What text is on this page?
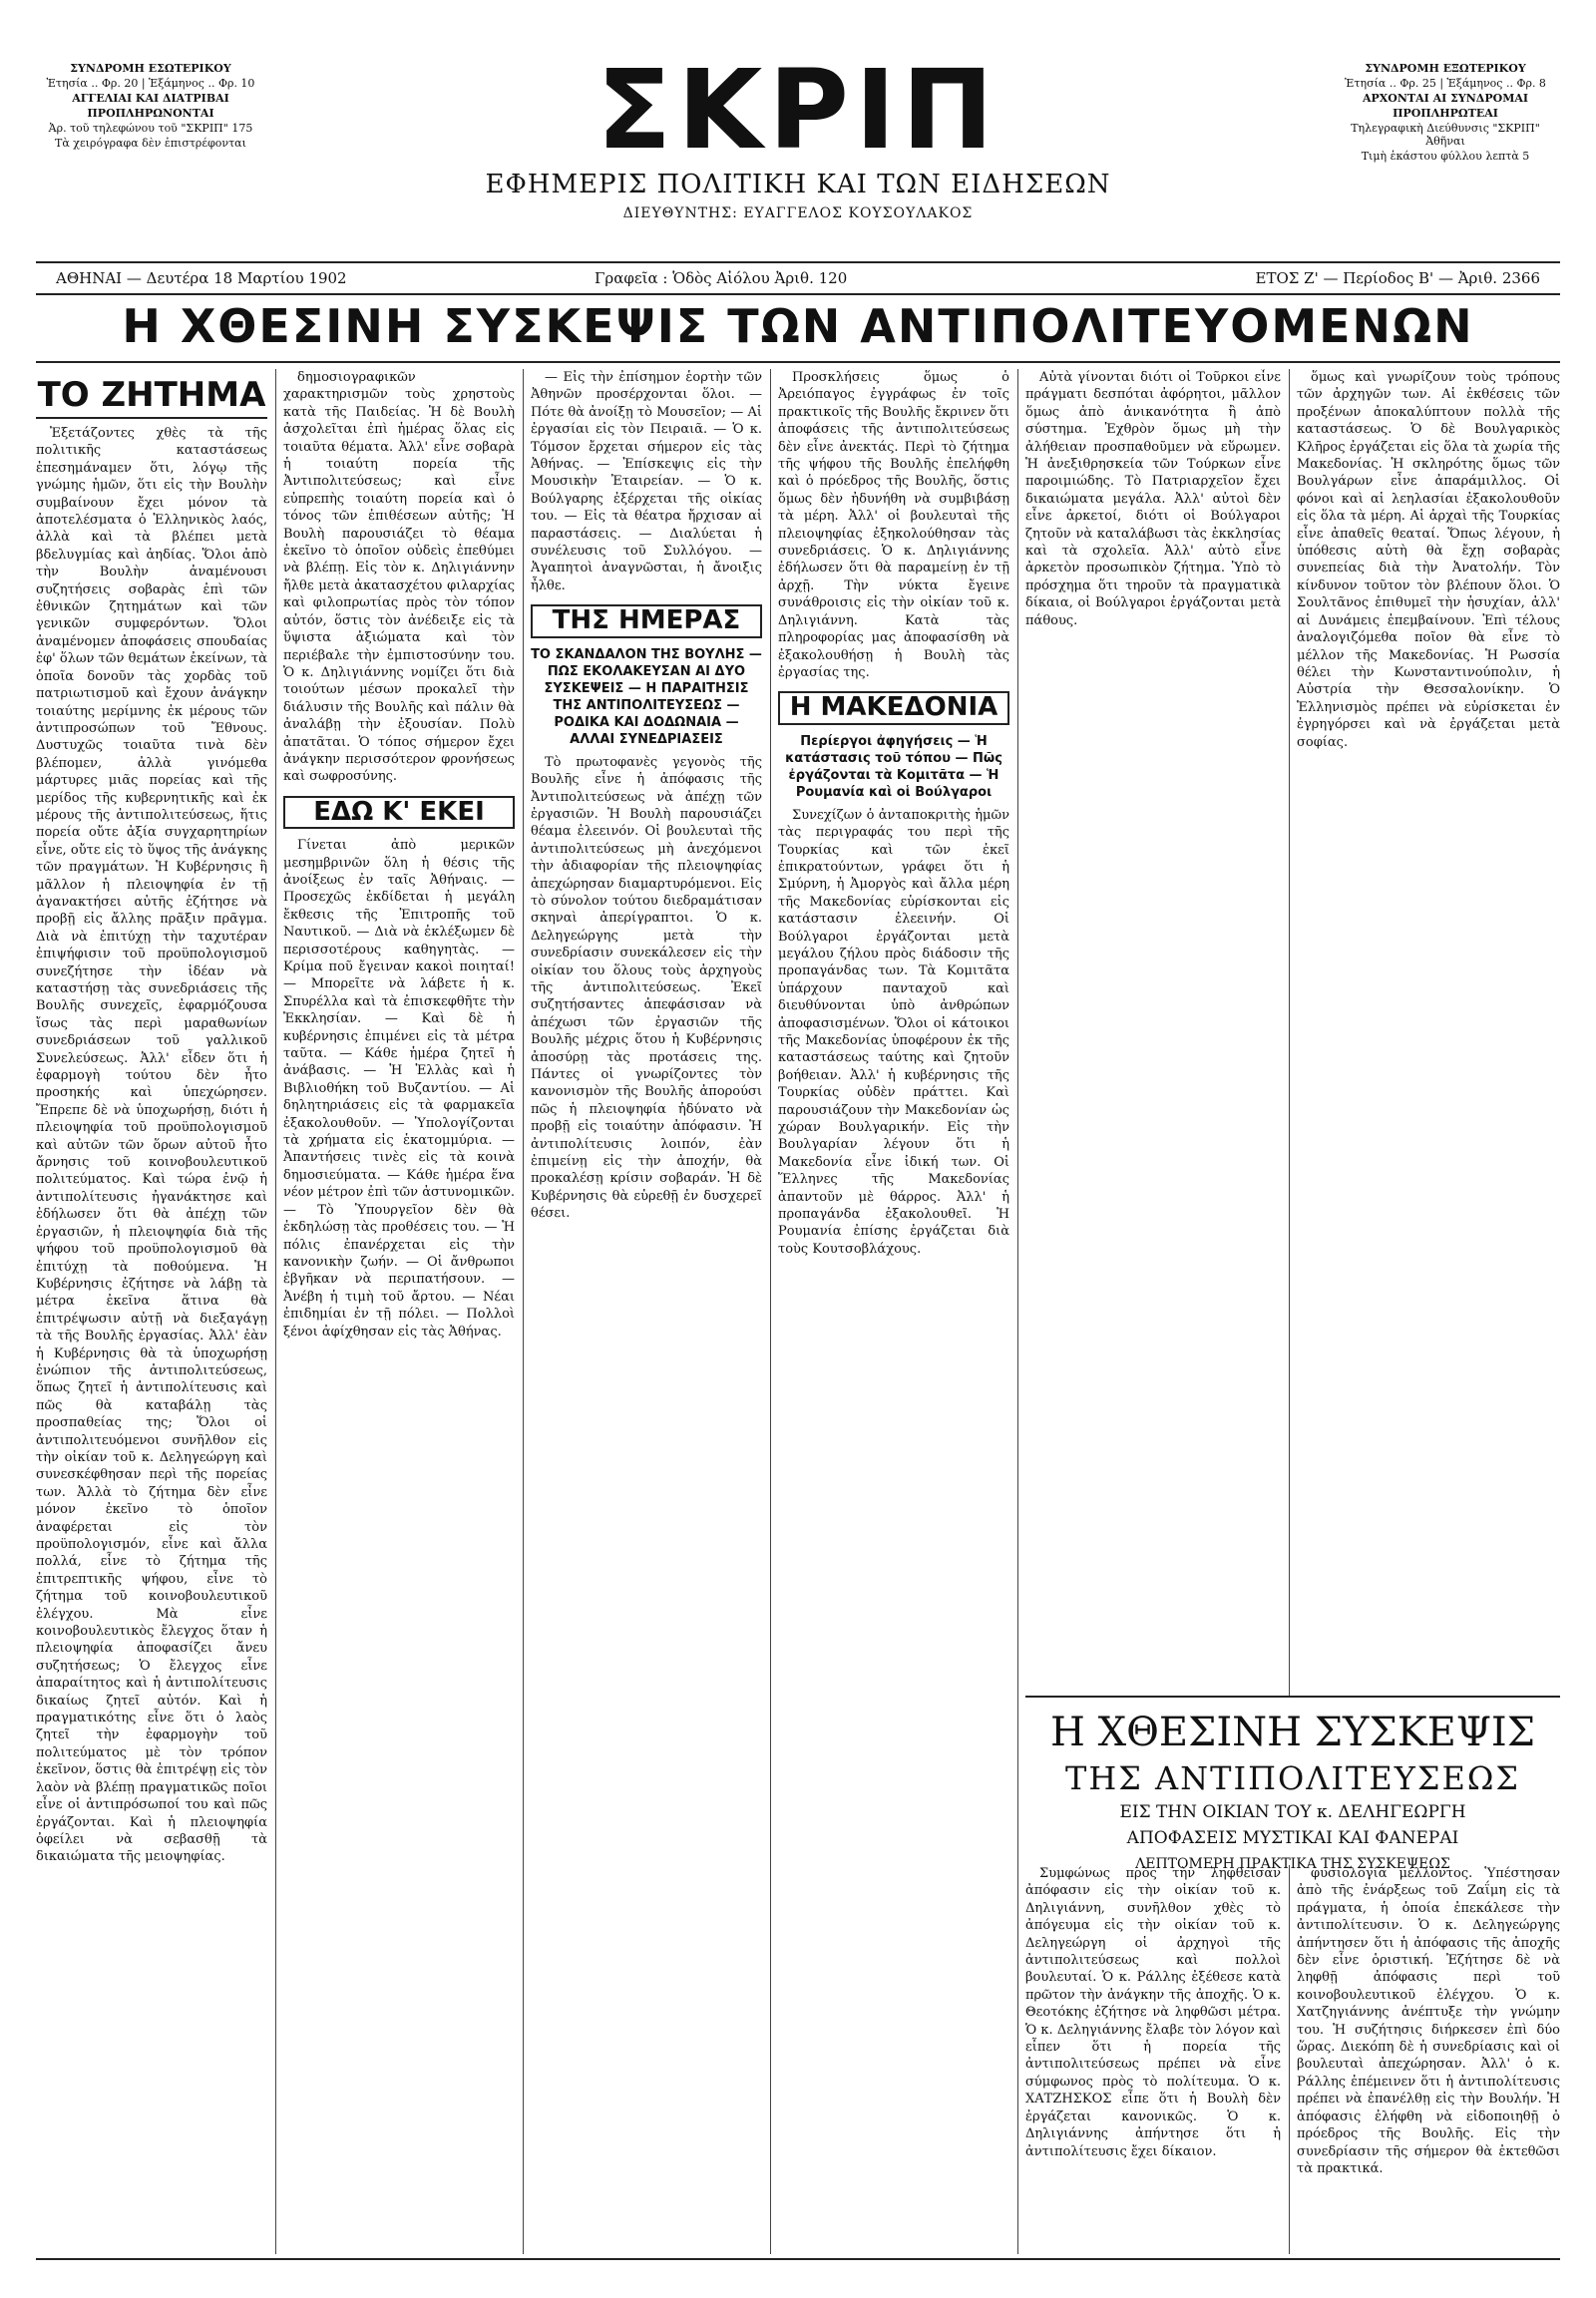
ΣΥΝΔΡΟΜΗ ΕΣΩΤΕΡΙΚΟΥ
Ἐτησία .. Φρ. 20 | Ἑξάμηνος .. Φρ. 10
ΑΓΓΕΛΙΑΙ ΚΑΙ ΔΙΑΤΡΙΒΑΙ
ΠΡΟΠΛΗΡΩΝΟΝΤΑΙ
Ἀρ. τοῦ τηλεφώνου τοῦ "ΣΚΡΙΠ" 175
Τὰ χειρόγραφα δὲν ἐπιστρέφονται	ΣΚΡΙΠ
ΕΦΗΜΕΡΙΣ ΠΟΛΙΤΙΚΗ ΚΑΙ ΤΩΝ ΕΙΔΗΣΕΩΝ
ΔΙΕΥΘΥΝΤΗΣ: ΕΥΑΓΓΕΛΟΣ ΚΟΥΣΟΥΛΑΚΟΣ
ΣΥΝΔΡΟΜΗ ΕΞΩΤΕΡΙΚΟΥ
Ἐτησία .. Φρ. 25 | Ἑξάμηνος .. Φρ. 8
ΑΡΧΟΝΤΑΙ ΑΙ ΣΥΝΔΡΟΜΑΙ
ΠΡΟΠΛΗΡΩΤΕΑΙ
Τηλεγραφικὴ Διεύθυνσις "ΣΚΡΙΠ" Ἀθῆναι
Τιμὴ ἑκάστου φύλλου λεπτὰ 5
ΑΘΗΝΑΙ — Δευτέρα 18 Μαρτίου 1902	Γραφεῖα : Ὁδὸς Αἰόλου Ἀριθ. 120	ΕΤΟΣ Ζ' — Περίοδος Β' — Ἀριθ. 2366
Η ΧΘΕΣΙΝΗ ΣΥΣΚΕΨΙΣ ΤΩΝ ΑΝΤΙΠΟΛΙΤΕΥΟΜΕΝΩΝ
ΤΟ ΖΗΤΗΜΑ

Ἐξετάζοντες χθὲς τὰ τῆς πολιτικῆς καταστάσεως ἐπεσημάναμεν ὅτι, λόγῳ τῆς γνώμης ἡμῶν, ὅτι εἰς τὴν Βουλὴν συμβαίνουν ἔχει μόνον τὰ ἀποτελέσματα ὁ Ἑλληνικὸς λαός, ἀλλὰ καὶ τὰ βλέπει μετὰ βδελυγμίας καὶ ἀηδίας. Ὅλοι ἀπὸ τὴν Βουλὴν ἀναμένουσι συζητήσεις σοβαρὰς ἐπὶ τῶν ἐθνικῶν ζητημάτων καὶ τῶν γενικῶν συμφερόντων. Ὅλοι ἀναμένομεν ἀποφάσεις σπουδαίας ἐφ' ὅλων τῶν θεμάτων ἐκείνων, τὰ ὁποῖα δονοῦν τὰς χορδὰς τοῦ πατριωτισμοῦ καὶ ἔχουν ἀνάγκην τοιαύτης μερίμνης ἐκ μέρους τῶν ἀντιπροσώπων τοῦ Ἔθνους. Δυστυχῶς τοιαῦτα τινὰ δὲν βλέπομεν, ἀλλὰ γινόμεθα μάρτυρες μιᾶς πορείας καὶ τῆς μερίδος τῆς κυβερνητικῆς καὶ ἐκ μέρους τῆς ἀντιπολιτεύσεως, ἥτις πορεία οὔτε ἀξία συγχαρητηρίων εἶνε, οὔτε εἰς τὸ ὕψος τῆς ἀνάγκης τῶν πραγμάτων. Ἡ Κυβέρνησις ἢ μᾶλλον ἡ πλειοψηφία ἐν τῇ ἀγανακτήσει αὐτῆς ἐζήτησε νὰ προβῇ εἰς ἄλλης πρᾶξιν πρᾶγμα. Διὰ νὰ ἐπιτύχῃ τὴν ταχυτέραν ἐπιψήφισιν τοῦ προϋπολογισμοῦ συνεζήτησε τὴν ἰδέαν νὰ καταστήσῃ τὰς συνεδριάσεις τῆς Βουλῆς συνεχεῖς, ἐφαρμόζουσα ἴσως τὰς περὶ μαραθωνίων συνεδριάσεων τοῦ γαλλικοῦ Συνελεύσεως. Ἀλλ' εἶδεν ὅτι ἡ ἐφαρμογὴ τούτου δὲν ἦτο προσηκής καὶ ὑπεχώρησεν. Ἔπρεπε δὲ νὰ ὑποχωρήσῃ, διότι ἡ πλειοψηφία τοῦ προϋπολογισμοῦ καὶ αὐτῶν τῶν ὅρων αὐτοῦ ἦτο ἄρνησις τοῦ κοινοβουλευτικοῦ πολιτεύματος. Καὶ τώρα ἐνῷ ἡ ἀντιπολίτευσις ἠγανάκτησε καὶ ἐδήλωσεν ὅτι θὰ ἀπέχῃ τῶν ἐργασιῶν, ἡ πλειοψηφία διὰ τῆς ψήφου τοῦ προϋπολογισμοῦ θὰ ἐπιτύχῃ τὰ ποθούμενα. Ἡ Κυβέρνησις ἐζήτησε νὰ λάβῃ τὰ μέτρα ἐκεῖνα ἅτινα θὰ ἐπιτρέψωσιν αὐτῇ νὰ διεξαγάγῃ τὰ τῆς Βουλῆς ἐργασίας. Ἀλλ' ἐὰν ἡ Κυβέρνησις θὰ τὰ ὑποχωρήσῃ ἐνώπιον τῆς ἀντιπολιτεύσεως, ὅπως ζητεῖ ἡ ἀντιπολίτευσις καὶ πῶς θὰ καταβάλῃ τὰς προσπαθείας της; Ὅλοι οἱ ἀντιπολιτευόμενοι συνῆλθον εἰς τὴν οἰκίαν τοῦ κ. Δεληγεώργη καὶ συνεσκέφθησαν περὶ τῆς πορείας των. Ἀλλὰ τὸ ζήτημα δὲν εἶνε μόνον ἐκεῖνο τὸ ὁποῖον ἀναφέρεται εἰς τὸν προϋπολογισμόν, εἶνε καὶ ἄλλα πολλά, εἶνε τὸ ζήτημα τῆς ἐπιτρεπτικῆς ψήφου, εἶνε τὸ ζήτημα τοῦ κοινοβουλευτικοῦ ἐλέγχου. Μὰ εἶνε κοινοβουλευτικὸς ἔλεγχος ὅταν ἡ πλειοψηφία ἀποφασίζει ἄνευ συζητήσεως; Ὁ ἔλεγχος εἶνε ἀπαραίτητος καὶ ἡ ἀντιπολίτευσις δικαίως ζητεῖ αὐτόν. Καὶ ἡ πραγματικότης εἶνε ὅτι ὁ λαὸς ζητεῖ τὴν ἐφαρμογὴν τοῦ πολιτεύματος μὲ τὸν τρόπον ἐκεῖνον, ὅστις θὰ ἐπιτρέψῃ εἰς τὸν λαὸν νὰ βλέπῃ πραγματικῶς ποῖοι εἶνε οἱ ἀντιπρόσωποί του καὶ πῶς ἐργάζονται. Καὶ ἡ πλειοψηφία ὀφείλει νὰ σεβασθῇ τὰ δικαιώματα τῆς μειοψηφίας.

δημοσιογραφικῶν χαρακτηρισμῶν τοὺς χρηστοὺς κατὰ τῆς Παιδείας. Ἡ δὲ Βουλὴ ἀσχολεῖται ἐπὶ ἡμέρας ὅλας εἰς τοιαῦτα θέματα. Ἀλλ' εἶνε σοβαρὰ ἡ τοιαύτη πορεία τῆς Ἀντιπολιτεύσεως; καὶ εἶνε εὐπρεπὴς τοιαύτη πορεία καὶ ὁ τόνος τῶν ἐπιθέσεων αὐτῆς; Ἡ Βουλὴ παρουσιάζει τὸ θέαμα ἐκεῖνο τὸ ὁποῖον οὐδεὶς ἐπεθύμει νὰ βλέπῃ. Εἰς τὸν κ. Δηλιγιάννην ἤλθε μετὰ ἀκατασχέτου φιλαρχίας καὶ φιλοπρωτίας πρὸς τὸν τόπον αὐτόν, ὅστις τὸν ἀνέδειξε εἰς τὰ ὕψιστα ἀξιώματα καὶ τὸν περιέβαλε τὴν ἐμπιστοσύνην του. Ὁ κ. Δηλιγιάννης νομίζει ὅτι διὰ τοιούτων μέσων προκαλεῖ τὴν διάλυσιν τῆς Βουλῆς καὶ πάλιν θὰ ἀναλάβῃ τὴν ἐξουσίαν. Πολὺ ἀπατᾶται. Ὁ τόπος σήμερον ἔχει ἀνάγκην περισσότερον φρονήσεως καὶ σωφροσύνης.

ΕΔΩ Κ' ΕΚΕΙ

Γίνεται ἀπὸ μερικῶν μεσημβρινῶν ὅλη ἡ θέσις τῆς ἀνοίξεως ἐν ταῖς Ἀθήναις. — Προσεχῶς ἐκδίδεται ἡ μεγάλη ἔκθεσις τῆς Ἐπιτροπῆς τοῦ Ναυτικοῦ. — Διὰ νὰ ἐκλέξωμεν δὲ περισσοτέρους καθηγητὰς. — Κρίμα ποῦ ἔγειναν κακοὶ ποιηταί! — Μπορεῖτε νὰ λάβετε ἡ κ. Σπυρέλλα καὶ τὰ ἐπισκεφθῆτε τὴν Ἐκκλησίαν. — Καὶ δὲ ἡ κυβέρνησις ἐπιμένει εἰς τὰ μέτρα ταῦτα. — Κάθε ἡμέρα ζητεῖ ἡ ἀνάβασις. — Ἡ Ἑλλὰς καὶ ἡ Βιβλιοθήκη τοῦ Βυζαντίου. — Αἱ δηλητηριάσεις εἰς τὰ φαρμακεῖα ἐξακολουθοῦν. — Ὑπολογίζονται τὰ χρήματα εἰς ἑκατομμύρια. — Ἀπαντήσεις τινὲς εἰς τὰ κοινὰ δημοσιεύματα. — Κάθε ἡμέρα ἕνα νέον μέτρον ἐπὶ τῶν ἀστυνομικῶν. — Τὸ Ὑπουργεῖον δὲν θὰ ἐκδηλώσῃ τὰς προθέσεις του. — Ἡ πόλις ἐπανέρχεται εἰς τὴν κανονικὴν ζωήν. — Οἱ ἄνθρωποι ἐβγῆκαν νὰ περιπατήσουν. — Ἀνέβη ἡ τιμὴ τοῦ ἄρτου. — Νέαι ἐπιδημίαι ἐν τῇ πόλει. — Πολλοὶ ξένοι ἀφίχθησαν εἰς τὰς Ἀθήνας.

— Εἰς τὴν ἐπίσημον ἑορτὴν τῶν Ἀθηνῶν προσέρχονται ὅλοι. — Πότε θὰ ἀνοίξῃ τὸ Μουσεῖον; — Αἱ ἐργασίαι εἰς τὸν Πειραιᾶ. — Ὁ κ. Τόμσον ἔρχεται σήμερον εἰς τὰς Ἀθήνας. — Ἐπίσκεψις εἰς τὴν Μουσικὴν Ἑταιρείαν. — Ὁ κ. Βούλγαρης ἐξέρχεται τῆς οἰκίας του. — Εἰς τὰ θέατρα ἤρχισαν αἱ παραστάσεις. — Διαλύεται ἡ συνέλευσις τοῦ Συλλόγου. — Ἀγαπητοὶ ἀναγνῶσται, ἡ ἄνοιξις ἦλθε.

ΤΗΣ ΗΜΕΡΑΣ
ΤΟ ΣΚΑΝΔΑΛΟΝ ΤΗΣ ΒΟΥΛΗΣ — ΠΩΣ ΕΚΟΛΑΚΕΥΣΑΝ ΑΙ ΔΥΟ ΣΥΣΚΕΨΕΙΣ — Η ΠΑΡΑΙΤΗΣΙΣ ΤΗΣ ΑΝΤΙΠΟΛΙΤΕΥΣΕΩΣ — ΡΟΔΙΚΑ ΚΑΙ ΔΟΔΩΝΑΙΑ — ΑΛΛΑΙ ΣΥΝΕΔΡΙΑΣΕΙΣ

Τὸ πρωτοφανὲς γεγονὸς τῆς Βουλῆς εἶνε ἡ ἀπόφασις τῆς Ἀντιπολιτεύσεως νὰ ἀπέχῃ τῶν ἐργασιῶν. Ἡ Βουλὴ παρουσιάζει θέαμα ἐλεεινόν. Οἱ βουλευταὶ τῆς ἀντιπολιτεύσεως μὴ ἀνεχόμενοι τὴν ἀδιαφορίαν τῆς πλειοψηφίας ἀπεχώρησαν διαμαρτυρόμενοι. Εἰς τὸ σύνολον τούτου διεδραμάτισαν σκηναὶ ἀπερίγραπτοι. Ὁ κ. Δεληγεώργης μετὰ τὴν συνεδρίασιν συνεκάλεσεν εἰς τὴν οἰκίαν του ὅλους τοὺς ἀρχηγοὺς τῆς ἀντιπολιτεύσεως. Ἐκεῖ συζητήσαντες ἀπεφάσισαν νὰ ἀπέχωσι τῶν ἐργασιῶν τῆς Βουλῆς μέχρις ὅτου ἡ Κυβέρνησις ἀποσύρῃ τὰς προτάσεις της. Πάντες οἱ γνωρίζοντες τὸν κανονισμὸν τῆς Βουλῆς ἀπορούσι πῶς ἡ πλειοψηφία ἠδύνατο νὰ προβῇ εἰς τοιαύτην ἀπόφασιν. Ἡ ἀντιπολίτευσις λοιπόν, ἐὰν ἐπιμείνῃ εἰς τὴν ἀποχήν, θὰ προκαλέσῃ κρίσιν σοβαράν. Ἡ δὲ Κυβέρνησις θὰ εὑρεθῇ ἐν δυσχερεῖ θέσει.

Προσκλήσεις ὅμως ὁ Ἀρειόπαγος ἐγγράφως ἐν τοῖς πρακτικοῖς τῆς Βουλῆς ἔκρινεν ὅτι ἀποφάσεις τῆς ἀντιπολιτεύσεως δὲν εἶνε ἀνεκτάς. Περὶ τὸ ζήτημα τῆς ψήφου τῆς Βουλῆς ἐπελήφθη καὶ ὁ πρόεδρος τῆς Βουλῆς, ὅστις ὅμως δὲν ἠδυνήθη νὰ συμβιβάσῃ τὰ μέρη. Ἀλλ' οἱ βουλευταὶ τῆς πλειοψηφίας ἐξηκολούθησαν τὰς συνεδριάσεις. Ὁ κ. Δηλιγιάννης ἐδήλωσεν ὅτι θὰ παραμείνῃ ἐν τῇ ἀρχῇ. Τὴν νύκτα ἔγεινε συνάθροισις εἰς τὴν οἰκίαν τοῦ κ. Δηλιγιάννη. Κατὰ τὰς πληροφορίας μας ἀποφασίσθη νὰ ἐξακολουθήσῃ ἡ Βουλὴ τὰς ἐργασίας της.

Η ΜΑΚΕΔΟΝΙΑ
Περίεργοι ἀφηγήσεις — Ἡ κατάστασις τοῦ τόπου — Πῶς ἐργάζονται τὰ Κομιτᾶτα — Ἡ Ρουμανία καὶ οἱ Βούλγαροι

Συνεχίζων ὁ ἀνταποκριτὴς ἡμῶν τὰς περιγραφάς του περὶ τῆς Τουρκίας καὶ τῶν ἐκεῖ ἐπικρατούντων, γράφει ὅτι ἡ Σμύρνη, ἡ Ἀμοργὸς καὶ ἄλλα μέρη τῆς Μακεδονίας εὑρίσκονται εἰς κατάστασιν ἐλεεινήν. Οἱ Βούλγαροι ἐργάζονται μετὰ μεγάλου ζήλου πρὸς διάδοσιν τῆς προπαγάνδας των. Τὰ Κομιτᾶτα ὑπάρχουν πανταχοῦ καὶ διευθύνονται ὑπὸ ἀνθρώπων ἀποφασισμένων. Ὅλοι οἱ κάτοικοι τῆς Μακεδονίας ὑποφέρουν ἐκ τῆς καταστάσεως ταύτης καὶ ζητοῦν βοήθειαν. Ἀλλ' ἡ κυβέρνησις τῆς Τουρκίας οὐδὲν πράττει. Καὶ παρουσιάζουν τὴν Μακεδονίαν ὡς χώραν Βουλγαρικήν. Εἰς τὴν Βουλγαρίαν λέγουν ὅτι ἡ Μακεδονία εἶνε ἰδική των. Οἱ Ἕλληνες τῆς Μακεδονίας ἀπαντοῦν μὲ θάρρος. Ἀλλ' ἡ προπαγάνδα ἐξακολουθεῖ. Ἡ Ρουμανία ἐπίσης ἐργάζεται διὰ τοὺς Κουτσοβλάχους.

Αὐτὰ γίνονται διότι οἱ Τοῦρκοι εἶνε πράγματι δεσπόται ἀφόρητοι, μᾶλλον ὅμως ἀπὸ ἀνικανότητα ἢ ἀπὸ σύστημα. Ἐχθρὸν ὅμως μὴ τὴν ἀλήθειαν προσπαθοῦμεν νὰ εὕρωμεν. Ἡ ἀνεξιθρησκεία τῶν Τούρκων εἶνε παροιμιώδης. Τὸ Πατριαρχεῖον ἔχει δικαιώματα μεγάλα. Ἀλλ' αὐτοὶ δὲν εἶνε ἀρκετοί, διότι οἱ Βούλγαροι ζητοῦν νὰ καταλάβωσι τὰς ἐκκλησίας καὶ τὰ σχολεῖα. Ἀλλ' αὐτὸ εἶνε ἀρκετὸν προσωπικὸν ζήτημα. Ὑπὸ τὸ πρόσχημα ὅτι τηροῦν τὰ πραγματικὰ δίκαια, οἱ Βούλγαροι ἐργάζονται μετὰ πάθους.

ὅμως καὶ γνωρίζουν τοὺς τρόπους τῶν ἀρχηγῶν των. Αἱ ἐκθέσεις τῶν προξένων ἀποκαλύπτουν πολλὰ τῆς καταστάσεως. Ὁ δὲ Βουλγαρικὸς Κλῆρος ἐργάζεται εἰς ὅλα τὰ χωρία τῆς Μακεδονίας. Ἡ σκληρότης ὅμως τῶν Βουλγάρων εἶνε ἀπαράμιλλος. Οἱ φόνοι καὶ αἱ λεηλασίαι ἐξακολουθοῦν εἰς ὅλα τὰ μέρη. Αἱ ἀρχαὶ τῆς Τουρκίας εἶνε ἀπαθεῖς θεαταί. Ὅπως λέγουν, ἡ ὑπόθεσις αὐτὴ θὰ ἔχῃ σοβαρὰς συνεπείας διὰ τὴν Ἀνατολήν. Τὸν κίνδυνον τοῦτον τὸν βλέπουν ὅλοι. Ὁ Σουλτᾶνος ἐπιθυμεῖ τὴν ἡσυχίαν, ἀλλ' αἱ Δυνάμεις ἐπεμβαίνουν. Ἐπὶ τέλους ἀναλογιζόμεθα ποῖον θὰ εἶνε τὸ μέλλον τῆς Μακεδονίας. Ἡ Ρωσσία θέλει τὴν Κωνσταντινούπολιν, ἡ Αὐστρία τὴν Θεσσαλονίκην. Ὁ Ἑλληνισμὸς πρέπει νὰ εὑρίσκεται ἐν ἐγρηγόρσει καὶ νὰ ἐργάζεται μετὰ σοφίας.

Η ΧΘΕΣΙΝΗ ΣΥΣΚΕΨΙΣ
ΤΗΣ ΑΝΤΙΠΟΛΙΤΕΥΣΕΩΣ
ΕΙΣ ΤΗΝ ΟΙΚΙΑΝ ΤΟΥ κ. ΔΕΛΗΓΕΩΡΓΗ
ΑΠΟΦΑΣΕΙΣ ΜΥΣΤΙΚΑΙ ΚΑΙ ΦΑΝΕΡΑΙ
ΛΕΠΤΟΜΕΡΗ ΠΡΑΚΤΙΚΑ ΤΗΣ ΣΥΣΚΕΨΕΩΣ

Συμφώνως πρὸς τὴν ληφθεῖσαν ἀπόφασιν εἰς τὴν οἰκίαν τοῦ κ. Δηλιγιάννη, συνῆλθον χθὲς τὸ ἀπόγευμα εἰς τὴν οἰκίαν τοῦ κ. Δεληγεώργη οἱ ἀρχηγοὶ τῆς ἀντιπολιτεύσεως καὶ πολλοὶ βουλευταί. Ὁ κ. Ράλλης ἐξέθεσε κατὰ πρῶτον τὴν ἀνάγκην τῆς ἀποχῆς. Ὁ κ. Θεοτόκης ἐζήτησε νὰ ληφθῶσι μέτρα. Ὁ κ. Δεληγιάννης ἔλαβε τὸν λόγον καὶ εἶπεν ὅτι ἡ πορεία τῆς ἀντιπολιτεύσεως πρέπει νὰ εἶνε σύμφωνος πρὸς τὸ πολίτευμα. Ὁ κ. ΧΑΤΖΗΣΚΟΣ εἶπε ὅτι ἡ Βουλὴ δὲν ἐργάζεται κανονικῶς. Ὁ κ. Δηλιγιάννης ἀπήντησε ὅτι ἡ ἀντιπολίτευσις ἔχει δίκαιον.

φυσιολογία μέλλοντος. Ὑπέστησαν ἀπὸ τῆς ἐνάρξεως τοῦ Ζαΐμη εἰς τὰ πράγματα, ἡ ὁποία ἐπεκάλεσε τὴν ἀντιπολίτευσιν. Ὁ κ. Δεληγεώργης ἀπήντησεν ὅτι ἡ ἀπόφασις τῆς ἀποχῆς δὲν εἶνε ὁριστική. Ἐζήτησε δὲ νὰ ληφθῇ ἀπόφασις περὶ τοῦ κοινοβουλευτικοῦ ἐλέγχου. Ὁ κ. Χατζηγιάννης ἀνέπτυξε τὴν γνώμην του. Ἡ συζήτησις διήρκεσεν ἐπὶ δύο ὥρας. Διεκόπη δὲ ἡ συνεδρίασις καὶ οἱ βουλευταὶ ἀπεχώρησαν. Ἀλλ' ὁ κ. Ράλλης ἐπέμεινεν ὅτι ἡ ἀντιπολίτευσις πρέπει νὰ ἐπανέλθῃ εἰς τὴν Βουλήν. Ἡ ἀπόφασις ἐλήφθη νὰ εἰδοποιηθῇ ὁ πρόεδρος τῆς Βουλῆς. Εἰς τὴν συνεδρίασιν τῆς σήμερον θὰ ἐκτεθῶσι τὰ πρακτικά.
